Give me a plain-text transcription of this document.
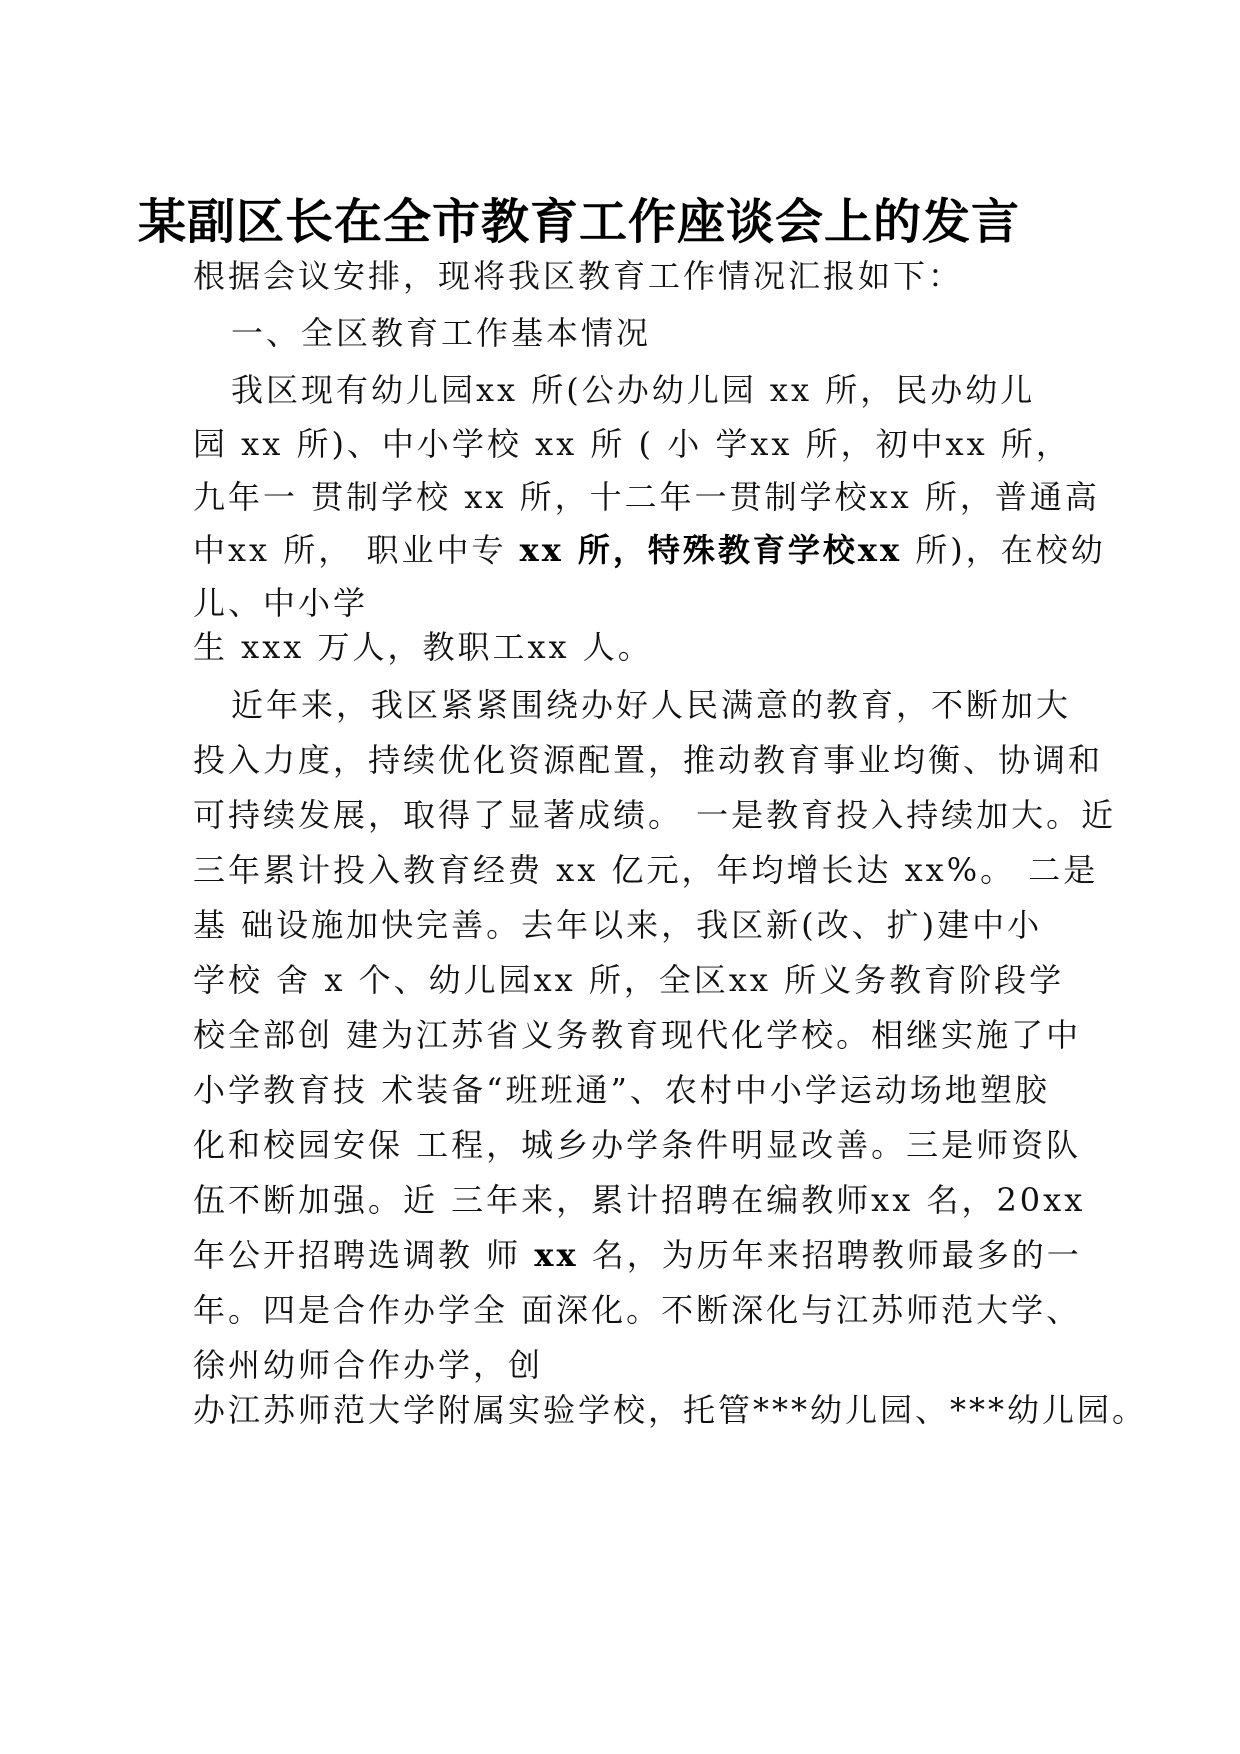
某副区长在全市教育工作座谈会上的发言
根据会议安排，现将我区教育工作情况汇报如下：
一、全区教育工作基本情况
我区现有幼儿园xx 所(公办幼儿园 xx 所，民办幼儿
园 xx 所)、中小学校 xx 所 ( 小 学xx 所，初中xx 所，
九年一 贯制学校 xx 所，十二年一贯制学校xx 所，普通高
中xx 所， 职业中专 xx 所，特殊教育学校xx 所)，在校幼
儿、中小学
生 xxx 万人，教职工xx 人。
近年来，我区紧紧围绕办好人民满意的教育，不断加大
投入力度，持续优化资源配置，推动教育事业均衡、协调和
可持续发展，取得了显著成绩。 一是教育投入持续加大。近
三年累计投入教育经费 xx 亿元，年均增长达 xx%。 二是
基 础设施加快完善。去年以来，我区新(改、扩)建中小
学校 舍 x 个、幼儿园xx 所，全区xx 所义务教育阶段学
校全部创 建为江苏省义务教育现代化学校。相继实施了中
小学教育技 术装备“班班通”、农村中小学运动场地塑胶
化和校园安保 工程，城乡办学条件明显改善。三是师资队
伍不断加强。近 三年来，累计招聘在编教师xx 名，20xx
年公开招聘选调教 师 xx 名，为历年来招聘教师最多的一
年。四是合作办学全 面深化。不断深化与江苏师范大学、
徐州幼师合作办学，创
办江苏师范大学附属实验学校，托管***幼儿园、***幼儿园。
